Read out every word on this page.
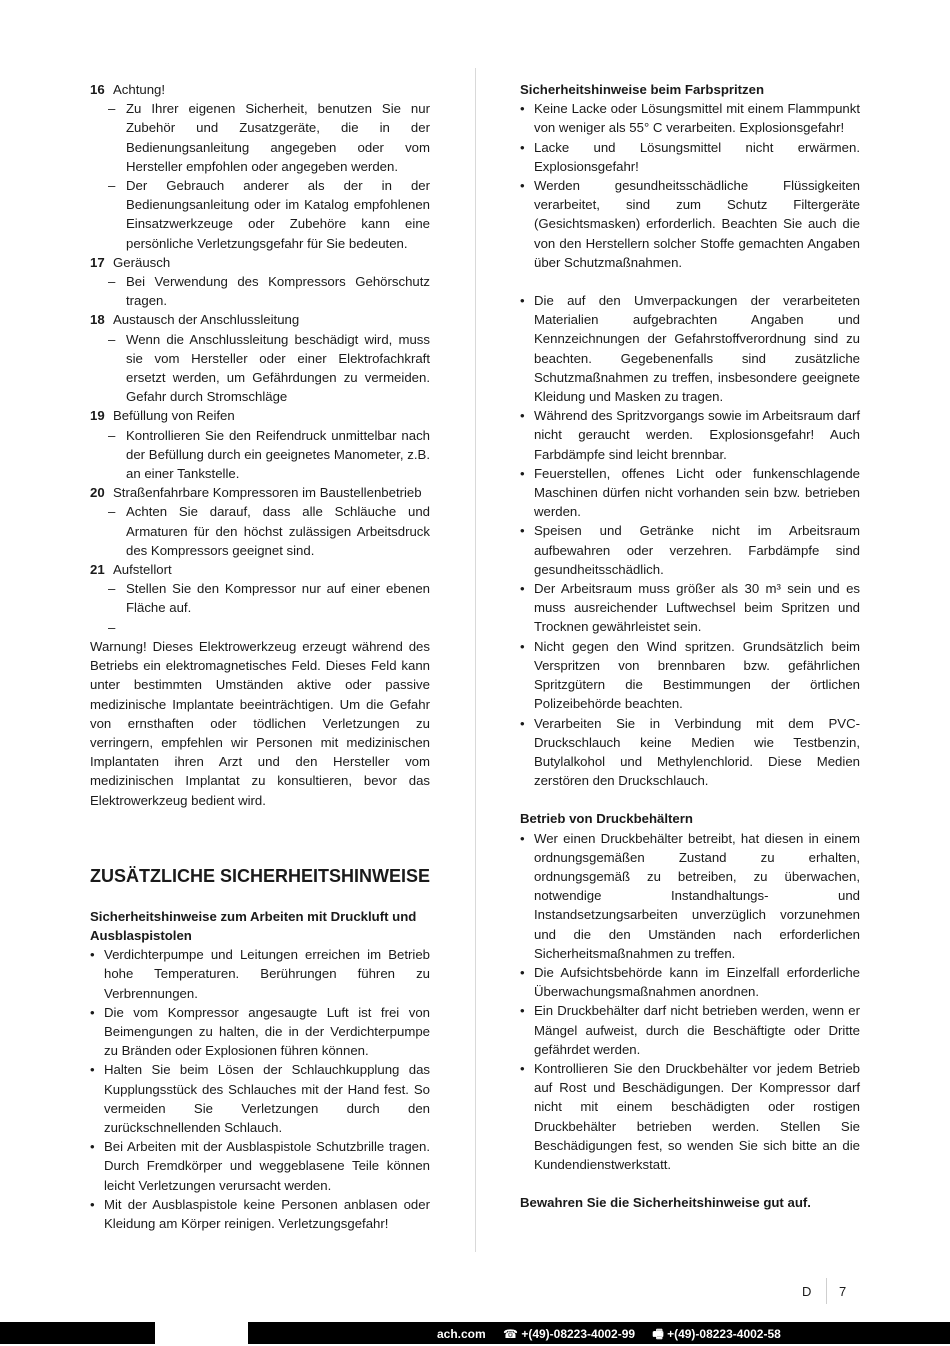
16 Achtung!
– Zu Ihrer eigenen Sicherheit, benutzen Sie nur Zubehör und Zusatzgeräte, die in der Bedienungsanleitung angegeben oder vom Hersteller empfohlen oder angegeben werden.
– Der Gebrauch anderer als der in der Bedienungsanleitung oder im Katalog empfohlenen Einsatzwerkzeuge oder Zubehöre kann eine persönliche Verletzungsgefahr für Sie bedeuten.
17 Geräusch
– Bei Verwendung des Kompressors Gehörschutz tragen.
18 Austausch der Anschlussleitung
– Wenn die Anschlussleitung beschädigt wird, muss sie vom Hersteller oder einer Elektrofachkraft ersetzt werden, um Gefährdungen zu vermeiden. Gefahr durch Stromschläge
19 Befüllung von Reifen
– Kontrollieren Sie den Reifendruck unmittelbar nach der Befüllung durch ein geeignetes Manometer, z.B. an einer Tankstelle.
20 Straßenfahrbare Kompressoren im Baustellenbetrieb
– Achten Sie darauf, dass alle Schläuche und Armaturen für den höchst zulässigen Arbeitsdruck des Kompressors geeignet sind.
21 Aufstellort
– Stellen Sie den Kompressor nur auf einer ebenen Fläche auf.
–

Warnung! Dieses Elektrowerkzeug erzeugt während des Betriebs ein elektromagnetisches Feld. Dieses Feld kann unter bestimmten Umständen aktive oder passive medizinische Implantate beeinträchtigen. Um die Gefahr von ernsthaften oder tödlichen Verletzungen zu verringern, empfehlen wir Personen mit medizinischen Implantaten ihren Arzt und den Hersteller vom medizinischen Implantat zu konsultieren, bevor das Elektrowerkzeug bedient wird.

ZUSÄTZLICHE SICHERHEITSHINWEISE

Sicherheitshinweise zum Arbeiten mit Druckluft und Ausblaspistolen

• Verdichterpumpe und Leitungen erreichen im Betrieb hohe Temperaturen. Berührungen führen zu Verbrennungen.
• Die vom Kompressor angesaugte Luft ist frei von Beimengungen zu halten, die in der Verdichterpumpe zu Bränden oder Explosionen führen können.
• Halten Sie beim Lösen der Schlauchkupplung das Kupplungsstück des Schlauches mit der Hand fest. So vermeiden Sie Verletzungen durch den zurückschnellenden Schlauch.
• Bei Arbeiten mit der Ausblaspistole Schutzbrille tragen. Durch Fremdkörper und weggeblasene Teile können leicht Verletzungen verursacht werden.
• Mit der Ausblaspistole keine Personen anblasen oder Kleidung am Körper reinigen. Verletzungsgefahr!

Sicherheitshinweise beim Farbspritzen

• Keine Lacke oder Lösungsmittel mit einem Flammpunkt von weniger als 55° C verarbeiten. Explosionsgefahr!
• Lacke und Lösungsmittel nicht erwärmen. Explosionsgefahr!
• Werden gesundheitsschädliche Flüssigkeiten verarbeitet, sind zum Schutz Filtergeräte (Gesichtsmasken) erforderlich. Beachten Sie auch die von den Herstellern solcher Stoffe gemachten Angaben über Schutzmaßnahmen.
• Die auf den Umverpackungen der verarbeiteten Materialien aufgebrachten Angaben und Kennzeichnungen der Gefahrstoffverordnung sind zu beachten. Gegebenenfalls sind zusätzliche Schutzmaßnahmen zu treffen, insbesondere geeignete Kleidung und Masken zu tragen.
• Während des Spritzvorgangs sowie im Arbeitsraum darf nicht geraucht werden. Explosionsgefahr! Auch Farbdämpfe sind leicht brennbar.
• Feuerstellen, offenes Licht oder funkenschlagende Maschinen dürfen nicht vorhanden sein bzw. betrieben werden.
• Speisen und Getränke nicht im Arbeitsraum aufbewahren oder verzehren. Farbdämpfe sind gesundheitsschädlich.
• Der Arbeitsraum muss größer als 30 m³ sein und es muss ausreichender Luftwechsel beim Spritzen und Trocknen gewährleistet sein.
• Nicht gegen den Wind spritzen. Grundsätzlich beim Verspritzen von brennbaren bzw. gefährlichen Spritzgütern die Bestimmungen der örtlichen Polizeibehörde beachten.
• Verarbeiten Sie in Verbindung mit dem PVC-Druckschlauch keine Medien wie Testbenzin, Butylalkohol und Methylenchlorid. Diese Medien zerstören den Druckschlauch.

Betrieb von Druckbehältern

• Wer einen Druckbehälter betreibt, hat diesen in einem ordnungsgemäßen Zustand zu erhalten, ordnungsgemäß zu betreiben, zu überwachen, notwendige Instandhaltungs- und Instandsetzungsarbeiten unverzüglich vorzunehmen und die den Umständen nach erforderlichen Sicherheitsmaßnahmen zu treffen.
• Die Aufsichtsbehörde kann im Einzelfall erforderliche Überwachungsmaßnahmen anordnen.
• Ein Druckbehälter darf nicht betrieben werden, wenn er Mängel aufweist, durch die Beschäftigte oder Dritte gefährdet werden.
• Kontrollieren Sie den Druckbehälter vor jedem Betrieb auf Rost und Beschädigungen. Der Kompressor darf nicht mit einem beschädigten oder rostigen Druckbehälter betrieben werden. Stellen Sie Beschädigungen fest, so wenden Sie sich bitte an die Kundendienstwerkstatt.

Bewahren Sie die Sicherheitshinweise gut auf.

D 7
ach.com ☎ +(49)-08223-4002-99 🖷 +(49)-08223-4002-58
